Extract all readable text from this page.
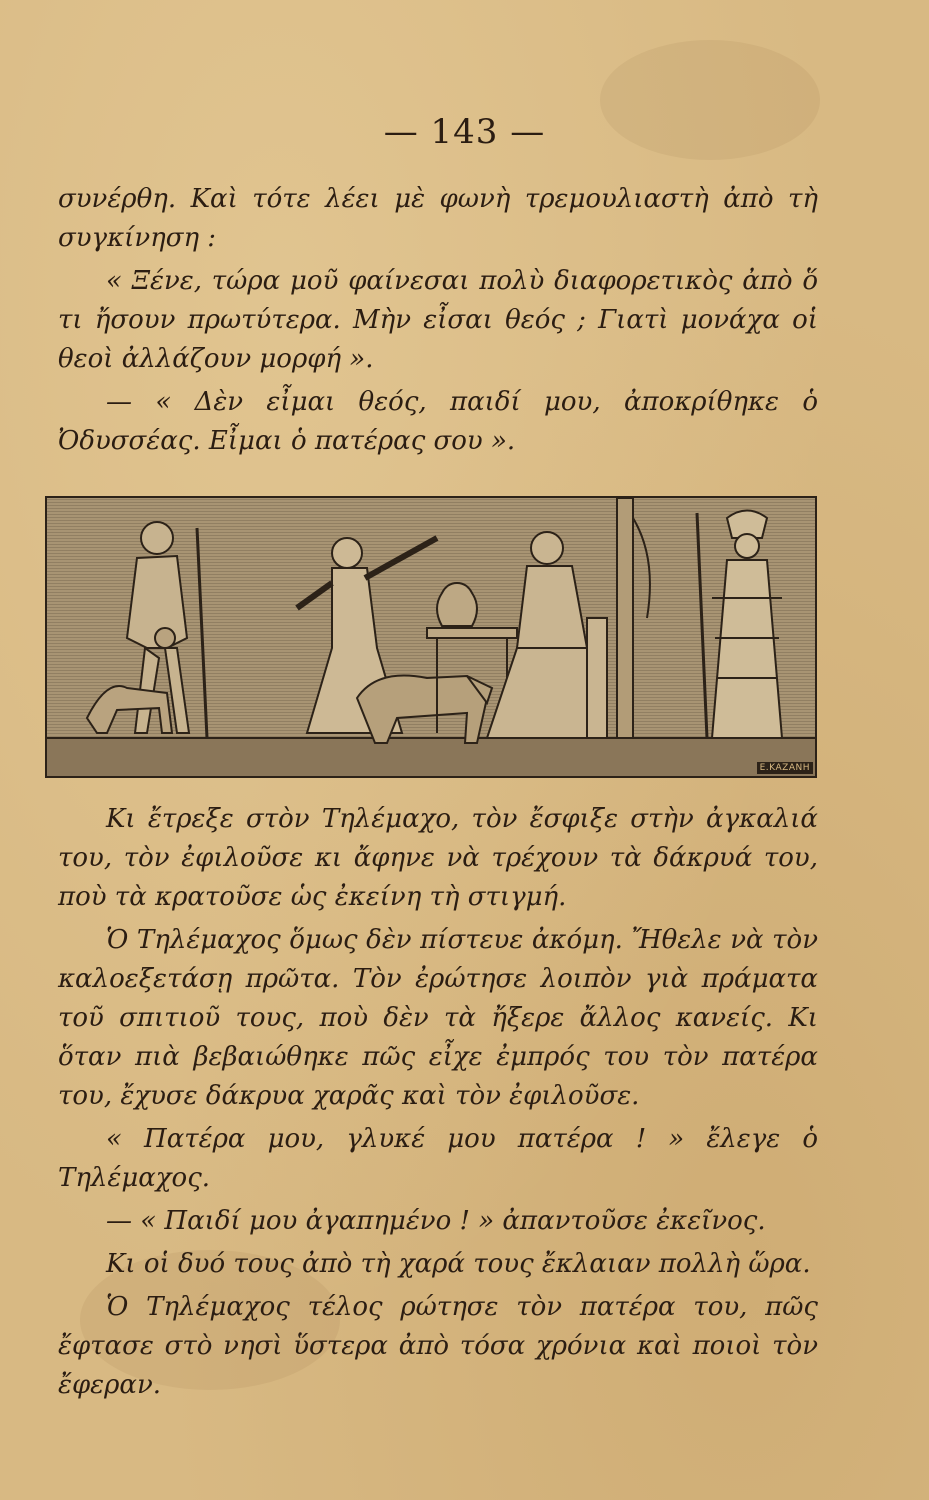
— 143 —

συνέρθη. Καὶ τότε λέει μὲ φωνὴ τρεμουλιαστὴ ἀπὸ τὴ συγκίνηση :

« Ξένε, τώρα μοῦ φαίνεσαι πολὺ διαφορετικὸς ἀπὸ ὅ τι ἤσουν πρωτύτερα. Μὴν εἶσαι θεός ; Γιατὶ μονάχα οἱ θεοὶ ἀλλάζουν μορφή ».

— « Δὲν εἶμαι θεός, παιδί μου, ἀποκρίθηκε ὁ Ὀδυσσέας. Εἶμαι ὁ πατέρας σου ».

Ε.ΚΑΖΑΝΗ

Κι ἔτρεξε στὸν Τηλέμαχο, τὸν ἔσφιξε στὴν ἀγκαλιά του, τὸν ἐφιλοῦσε κι ἄφηνε νὰ τρέχουν τὰ δάκρυά του, ποὺ τὰ κρατοῦσε ὡς ἐκείνη τὴ στιγμή.

Ὁ Τηλέμαχος ὅμως δὲν πίστευε ἀκόμη. Ἤθελε νὰ τὸν καλοεξετάσῃ πρῶτα. Τὸν ἐρώτησε λοιπὸν γιὰ πράματα τοῦ σπιτιοῦ τους, ποὺ δὲν τὰ ἤξερε ἄλλος κανείς. Κι ὅταν πιὰ βεβαιώθηκε πῶς εἶχε ἐμπρός του τὸν πατέρα του, ἔχυσε δάκρυα χαρᾶς καὶ τὸν ἐφιλοῦσε.

« Πατέρα μου, γλυκέ μου πατέρα ! » ἔλεγε ὁ Τηλέμαχος.

— « Παιδί μου ἀγαπημένο ! » ἀπαντοῦσε ἐκεῖνος.

Κι οἱ δυό τους ἀπὸ τὴ χαρά τους ἔκλαιαν πολλὴ ὥρα.

Ὁ Τηλέμαχος τέλος ρώτησε τὸν πατέρα του, πῶς ἔφτασε στὸ νησὶ ὕστερα ἀπὸ τόσα χρόνια καὶ ποιοὶ τὸν ἔφεραν.
